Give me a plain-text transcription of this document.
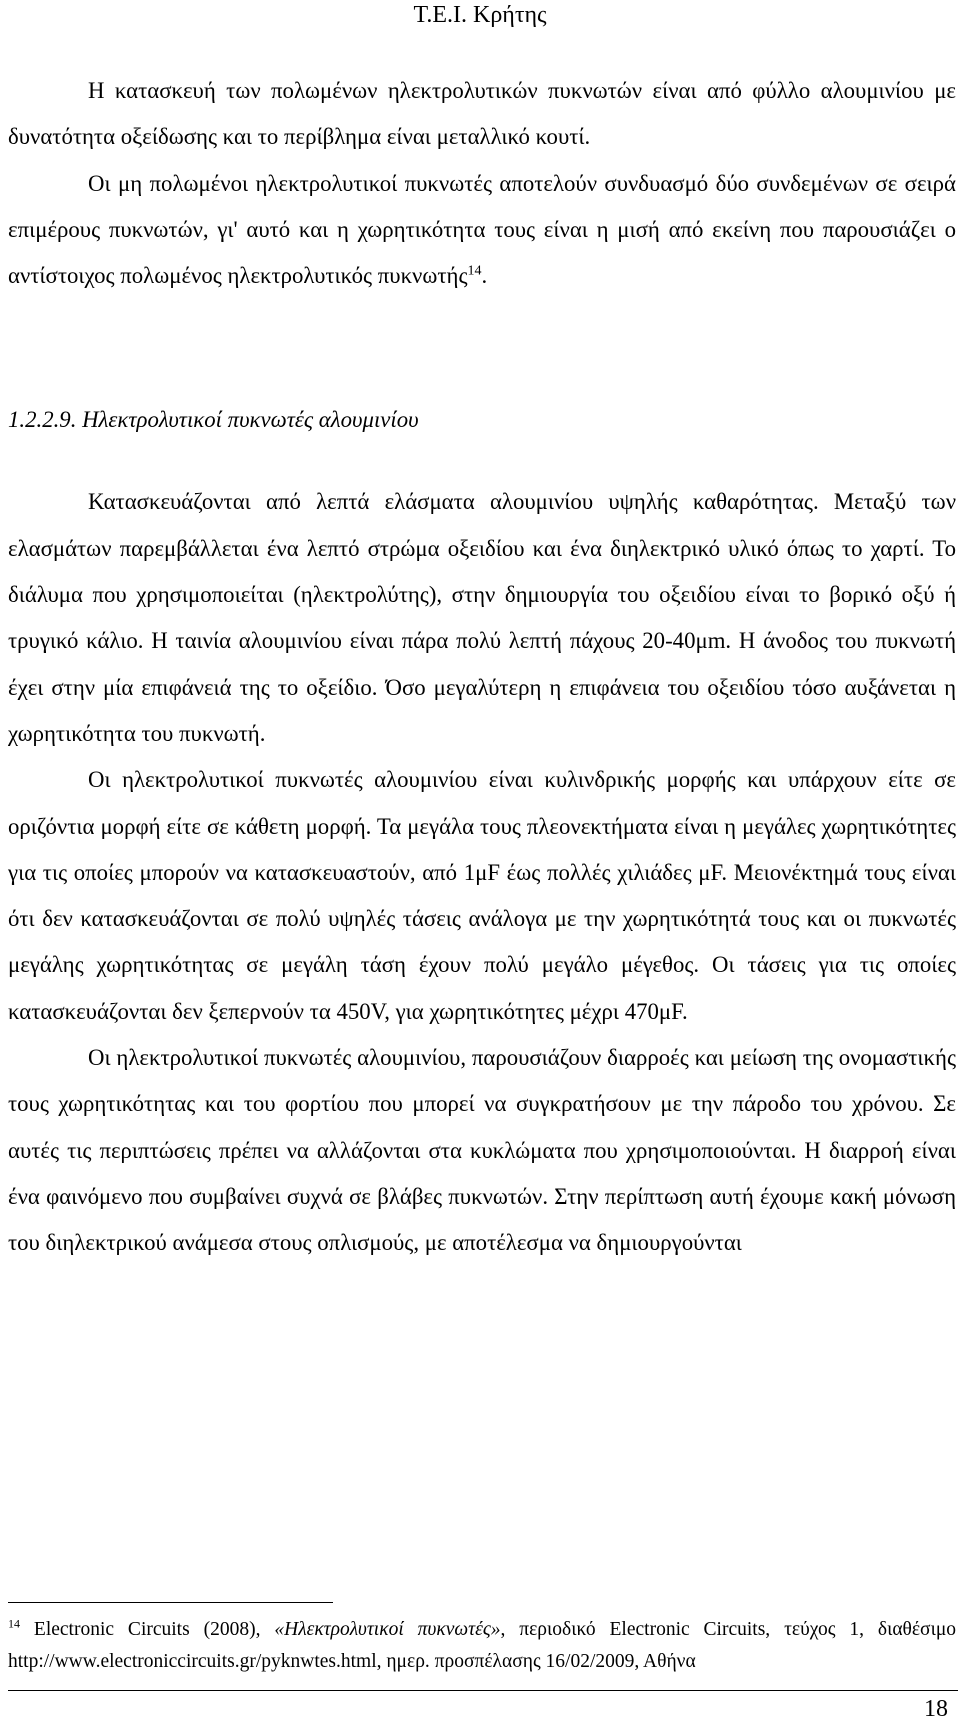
Τ.Ε.Ι. Κρήτης

Η κατασκευή των πολωμένων ηλεκτρολυτικών πυκνωτών είναι από φύλλο αλουμινίου με δυνατότητα οξείδωσης και το περίβλημα είναι μεταλλικό κουτί.

Οι μη πολωμένοι ηλεκτρολυτικοί πυκνωτές αποτελούν συνδυασμό δύο συνδεμένων σε σειρά επιμέρους πυκνωτών, γι' αυτό και η χωρητικότητα τους είναι η μισή από εκείνη που παρουσιάζει ο αντίστοιχος πολωμένος ηλεκτρολυτικός πυκνωτής$^{14}$.

1.2.2.9. Ηλεκτρολυτικοί πυκνωτές αλουμινίου

Κατασκευάζονται από λεπτά ελάσματα αλουμινίου υψηλής καθαρότητας. Μεταξύ των ελασμάτων παρεμβάλλεται ένα λεπτό στρώμα οξειδίου και ένα διηλεκτρικό υλικό όπως το χαρτί. Το διάλυμα που χρησιμοποιείται (ηλεκτρολύτης), στην δημιουργία του οξειδίου είναι το βορικό οξύ ή τρυγικό κάλιο. Η ταινία αλουμινίου είναι πάρα πολύ λεπτή πάχους 20-40μm. Η άνοδος του πυκνωτή έχει στην μία επιφάνειά της το οξείδιο. Όσο μεγαλύτερη η επιφάνεια του οξειδίου τόσο αυξάνεται η χωρητικότητα του πυκνωτή.

Οι ηλεκτρολυτικοί πυκνωτές αλουμινίου είναι κυλινδρικής μορφής και υπάρχουν είτε σε οριζόντια μορφή είτε σε κάθετη μορφή. Τα μεγάλα τους πλεονεκτήματα είναι η μεγάλες χωρητικότητες για τις οποίες μπορούν να κατασκευαστούν, από 1μF έως πολλές χιλιάδες μF. Μειονέκτημά τους είναι ότι δεν κατασκευάζονται σε πολύ υψηλές τάσεις ανάλογα με την χωρητικότητά τους και οι πυκνωτές μεγάλης χωρητικότητας σε μεγάλη τάση έχουν πολύ μεγάλο μέγεθος. Οι τάσεις για τις οποίες κατασκευάζονται δεν ξεπερνούν τα 450V, για χωρητικότητες μέχρι 470μF.

Οι ηλεκτρολυτικοί πυκνωτές αλουμινίου, παρουσιάζουν διαρροές και μείωση της ονομαστικής τους χωρητικότητας και του φορτίου που μπορεί να συγκρατήσουν με την πάροδο του χρόνου. Σε αυτές τις περιπτώσεις πρέπει να αλλάζονται στα κυκλώματα που χρησιμοποιούνται. Η διαρροή είναι ένα φαινόμενο που συμβαίνει συχνά σε βλάβες πυκνωτών. Στην περίπτωση αυτή έχουμε κακή μόνωση του διηλεκτρικού ανάμεσα στους οπλισμούς, με αποτέλεσμα να δημιουργούνται

$^{14}$ Electronic Circuits (2008), «Ηλεκτρολυτικοί πυκνωτές», περιοδικό Electronic Circuits, τεύχος 1, διαθέσιμο http://www.electroniccircuits.gr/pyknwtes.html, ημερ. προσπέλασης 16/02/2009, Αθήνα
18
